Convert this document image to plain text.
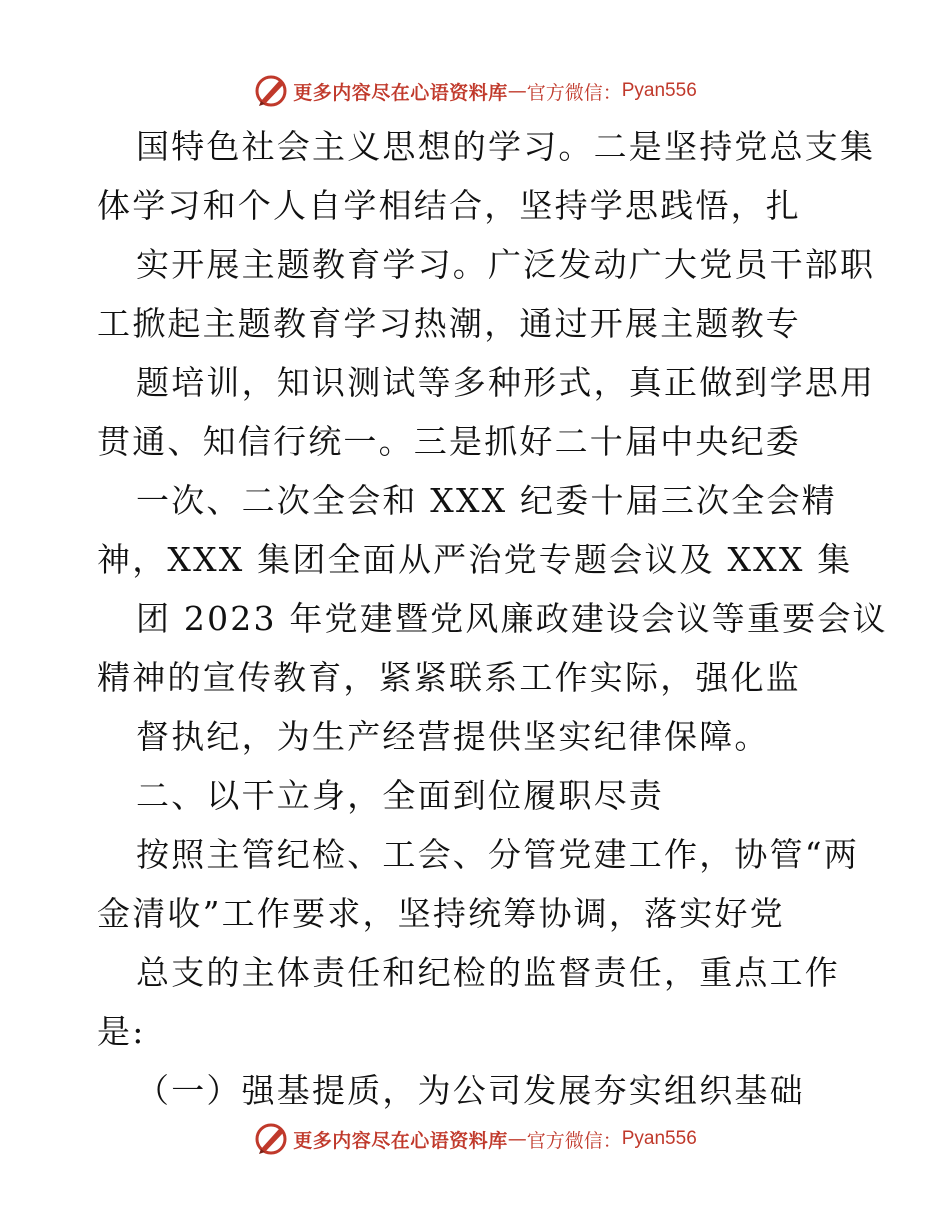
更多内容尽在心语资料库 — 官方微信： Pyan556
国特色社会主义思想的学习。二是坚持党总支集
体学习和个人自学相结合，坚持学思践悟，扎
实开展主题教育学习。广泛发动广大党员干部职
工掀起主题教育学习热潮，通过开展主题教专
题培训，知识测试等多种形式，真正做到学思用
贯通、知信行统一。三是抓好二十届中央纪委
一次、二次全会和 XXX 纪委十届三次全会精
神，XXX 集团全面从严治党专题会议及 XXX 集
团 2023 年党建暨党风廉政建设会议等重要会议
精神的宣传教育，紧紧联系工作实际，强化监
督执纪，为生产经营提供坚实纪律保障。
二、以干立身，全面到位履职尽责
按照主管纪检、工会、分管党建工作，协管“两
金清收”工作要求，坚持统筹协调，落实好党
总支的主体责任和纪检的监督责任，重点工作
是:
（一）强基提质，为公司发展夯实组织基础
更多内容尽在心语资料库 — 官方微信： Pyan556
